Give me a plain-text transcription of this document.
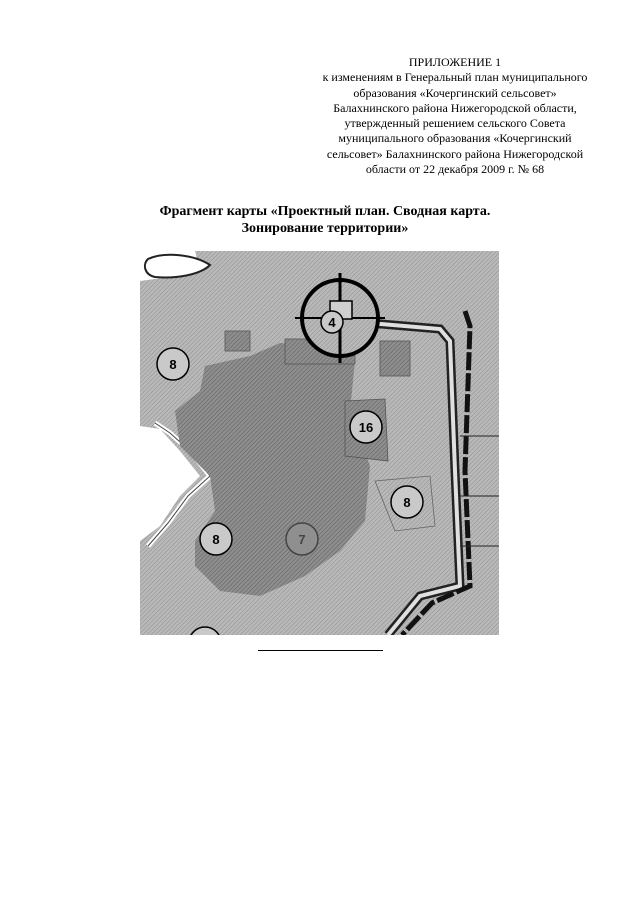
ПРИЛОЖЕНИЕ 1
к изменениям в Генеральный план муниципального
образования «Кочергинский сельсовет»
Балахнинского района Нижегородской области,
утвержденный решением сельского Совета
муниципального образования «Кочергинский
сельсовет» Балахнинского района Нижегородской
области от 22 декабря 2009 г. № 68
Фрагмент карты «Проектный план. Сводная карта.
Зонирование территории»
4
8
16
8
8	7
